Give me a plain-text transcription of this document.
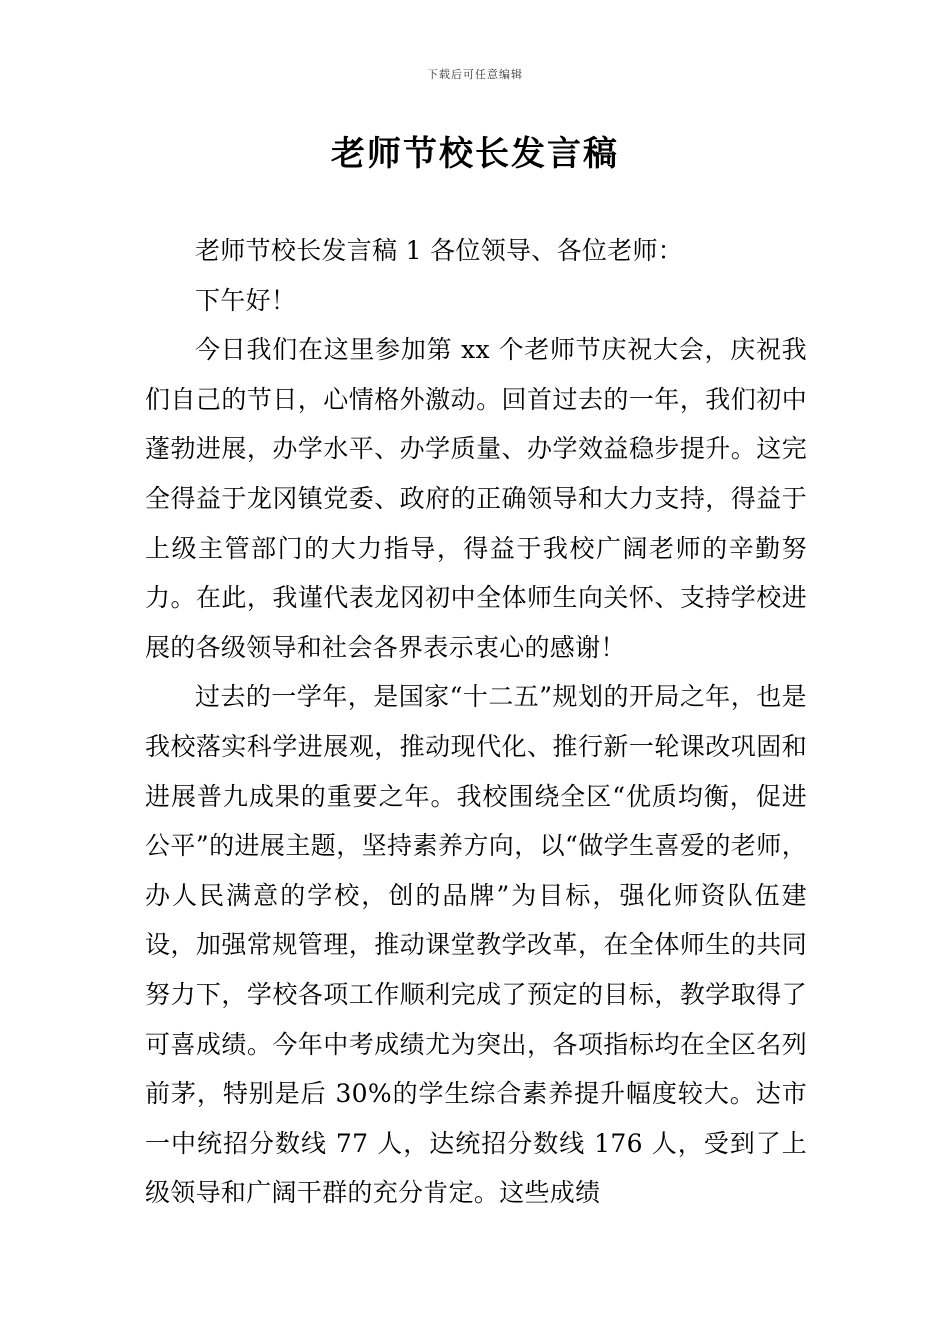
下载后可任意编辑
老师节校长发言稿

老师节校长发言稿 1 各位领导、各位老师：

下午好！

今日我们在这里参加第 xx 个老师节庆祝大会，庆祝我们自己的节日，心情格外激动。回首过去的一年，我们初中蓬勃进展，办学水平、办学质量、办学效益稳步提升。这完全得益于龙冈镇党委、政府的正确领导和大力支持，得益于上级主管部门的大力指导，得益于我校广阔老师的辛勤努力。在此，我谨代表龙冈初中全体师生向关怀、支持学校进展的各级领导和社会各界表示衷心的感谢！

过去的一学年，是国家“十二五”规划的开局之年，也是我校落实科学进展观，推动现代化、推行新一轮课改巩固和进展普九成果的重要之年。我校围绕全区“优质均衡，促进公平”的进展主题，坚持素养方向，以“做学生喜爱的老师，办人民满意的学校，创的品牌”为目标，强化师资队伍建设，加强常规管理，推动课堂教学改革，在全体师生的共同努力下，学校各项工作顺利完成了预定的目标，教学取得了可喜成绩。今年中考成绩尤为突出，各项指标均在全区名列前茅，特别是后 30%的学生综合素养提升幅度较大。达市一中统招分数线 77 人，达统招分数线 176 人，受到了上级领导和广阔干群的充分肯定。这些成绩
